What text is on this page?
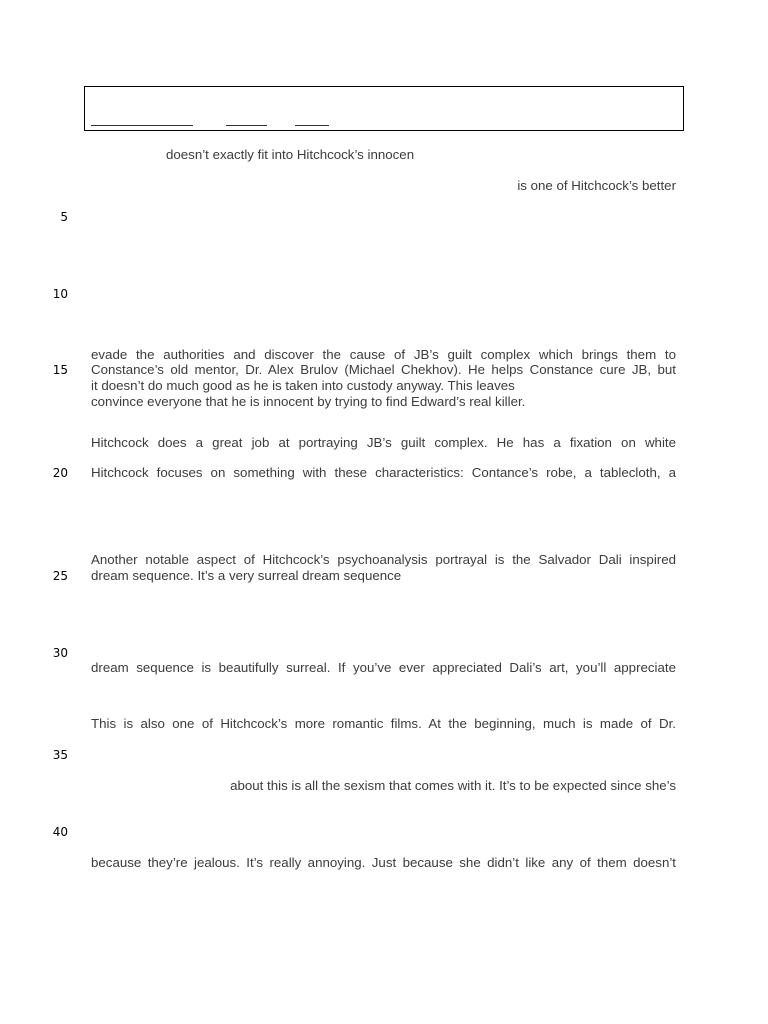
5
10
15
20
25
30
35
40
doesn’t exactly fit into Hitchcock’s innocen
is one of Hitchcock’s better
evade the authorities and discover the cause of JB’s guilt complex which brings them to
Constance’s old mentor, Dr. Alex Brulov (Michael Chekhov). He helps Constance cure JB, but
it doesn’t do much good as he is taken into custody anyway. This leaves
convince everyone that he is innocent by trying to find Edward’s real killer.
Hitchcock does a great job at portraying JB’s guilt complex. He has a fixation on white
Hitchcock focuses on something with these characteristics: Contance’s robe, a tablecloth, a
Another notable aspect of Hitchcock’s psychoanalysis portrayal is the Salvador Dali inspired
dream sequence. It’s a very surreal dream sequence
dream sequence is beautifully surreal. If you’ve ever appreciated Dali’s art, you’ll appreciate
This is also one of Hitchcock’s more romantic films. At the beginning, much is made of Dr.
about this is all the sexism that comes with it. It’s to be expected since she’s
because they’re jealous. It’s really annoying. Just because she didn’t like any of them doesn’t
